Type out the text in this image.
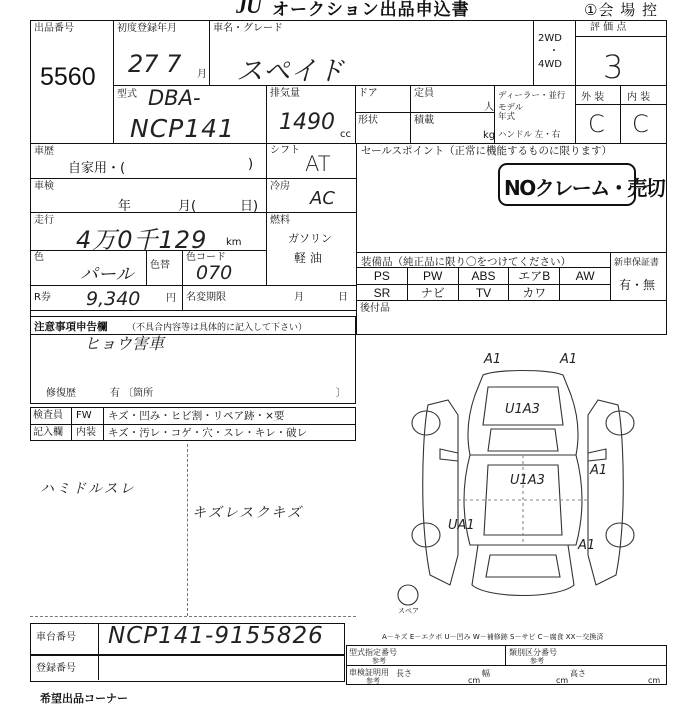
JU オークション出品申込書	①会 場 控
出品番号
5560
初度登録年月
27 7 月
車名・グレード
スペイド
2WD
・
4WD
評 価 点
3
型式 DBA-
NCP141
排気量
1490 cc
ドア	定員
人
形状	積載
kg
ディーラー・並行
モデル年式
ハンドル 左・右
外 装 内 装
C C
車歴
自家用・(	)
シフト
AT
車検
年	月(	日)
冷房
AC
走行
4万0千129 km
燃料
ガソリン
軽 油
色
パール 色替
色コード
070
R券 9,340	円 名変期限	月	日
セールスポイント（正常に機能するものに限ります）
NOクレーム・売切
装備品（純正品に限り〇をつけてください）	新車保証書
有・無
PS	PW	ABS	エアB	AW
SR	ナビ	TV	カワ
後付品
注意事項申告欄 （不具合内容等は具体的に記入して下さい）
ヒョウ害車
修復歴	有 〔箇所	〕
検査員 FW キズ・凹み・ヒビ割・リペア跡・×要
記入欄 内装 キズ・汚レ・コゲ・穴・スレ・キレ・破レ
ハミドルスレ
キズレスクキズ
スペア
A1	A1
U1A3
U1A3
A1
UA1
A1
車台番号 NCP141-9155826
登録番号
A－キズ E－エクボ U－凹み W－補修跡 S－サビ C－腐食 XX－交換済
型式指定番号
参考
類別区分番号
参考
車検証明用
参考
長さ
cm
幅
cm
高さ
cm
希望出品コーナー
